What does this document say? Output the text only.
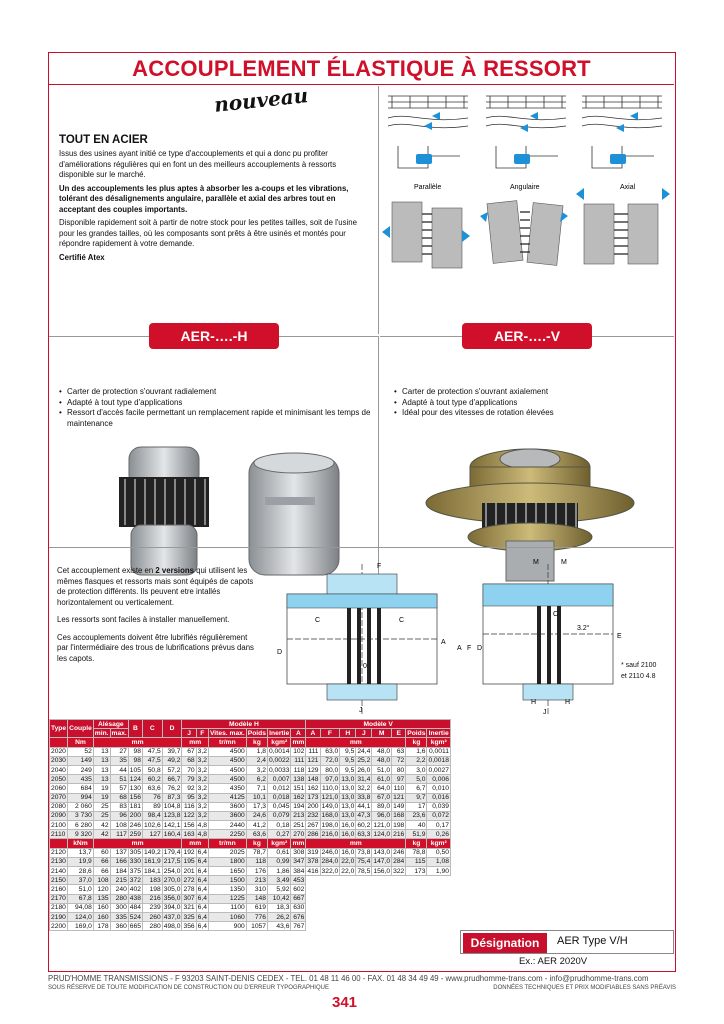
ACCOUPLEMENT ÉLASTIQUE À RESSORT
nouveau
TOUT EN ACIER

Issus des usines ayant initié ce type d'accouplements et qui a donc pu profiter d'améliorations régulières qui en font un des meilleurs accouplements à ressorts disponible sur le marché.

Un des accouplements les plus aptes à absorber les a-coups et les vibrations, tolérant des désalignements angulaire, parallèle et axial des arbres tout en acceptant des couples importants.

Disponible rapidement soit à partir de notre stock pour les petites tailles, soit de l'usine pour les grandes tailles, où les composants sont prêts à être usinés et montés pour répondre rapidement à votre demande.

Certifié Atex

Parallèle	Angulaire	Axial
AER-….-H
• Carter de protection s'ouvrant radialement
• Adapté à tout type d'applications
• Ressort d'accès facile permettant un remplacement rapide et minimisant les temps de maintenance
AER-….-V
• Carter de protection s'ouvrant axialement
• Adapté à tout type d'applications
• Idéal pour des vitesses de rotation élevées

Cet accouplement existe en 2 versions qui utilisent les mêmes flasques et ressorts mais sont équipés de capots de protection différents. Ils peuvent etre intallés horizontalement ou verticalement.

Les ressorts sont faciles à installer manuellement.

Ces accouplements doivent être lubrifiés régulièrement par l'intermédiaire des trous de lubrifications prévus dans les capots.

F
C	C
D
A
J
0
M	M
C
3.2°
A F D
E
J
H	H
* sauf 2100
et 2110 4.8
Type	Couple	Alésage		B	C	D	Modèle H						Modèle V							
		min.	max.				J	F	Vites. max.	Poids	Inertie	A	A	F	H	J	M	E	Poids	Inertie
	Nm	mm					mm		tr/mn	kg	kgm²	mm	mm						kg	kgm²
2020	52	13	27	98	47,5	39,7	67	3,2	4500	1,8	0,0014	102	111	63,0	9,5	24,4	48,0	63	1,6	0,0011
2030	149	13	35	98	47,5	49,2	68	3,2	4500	2,4	0,0022	111	121	72,0	9,5	25,2	48,0	72	2,2	0,0018
2040	249	13	44	105	50,8	57,2	70	3,2	4500	3,2	0,0033	118	129	80,0	9,5	26,0	51,0	80	3,0	0,0027
2050	435	13	51	124	60,2	66,7	79	3,2	4500	6,2	0,007	138	148	97,0	13,0	31,4	61,0	97	5,0	0,006
2060	684	19	57	130	63,6	76,2	92	3,2	4350	7,1	0,012	151	162	110,0	13,0	32,2	64,0	110	6,7	0,010
2070	994	19	68	156	76	87,3	95	3,2	4125	10,1	0,018	162	173	121,0	13,0	33,8	67,0	121	9,7	0,016
2080	2 060	25	83	181	89	104,8	116	3,2	3600	17,3	0,045	194	200	149,0	13,0	44,1	89,0	149	17	0,039
2090	3 730	25	96	200	98,4	123,8	122	3,2	3600	24,6	0,079	213	232	168,0	13,0	47,3	96,0	168	23,6	0,072
2100	6 280	42	108	246	102,6	142,1	156	4,8	2440	41,2	0,18	251	267	198,0	16,0	60,2	121,0	198	40	0,17
2110	9 320	42	117	259	127	160,4	163	4,8	2250	63,6	0,27	270	286	216,0	16,0	63,3	124,0	216	51,9	0,26
	kNm	mm					mm		tr/mn	kg	kgm²	mm	mm						kg	kgm²
2120	13,7	60	137	305	149,2	179,4	192	6,4	2025	78,7	0,61	308	319	246,0	16,0	73,8	143,0	246	78,8	0,50
2130	19,9	66	166	330	161,9	217,5	195	6,4	1800	118	0,99	347	378	284,0	22,0	75,4	147,0	284	115	1,08
2140	28,6	66	184	375	184,1	254,0	201	6,4	1650	176	1,86	384	416	322,0	22,0	78,5	156,0	322	173	1,90
2150	37,0	108	215	372	183	270,0	272	6,4	1500	213	3,49	453								
2160	51,0	120	240	402	198	305,0	278	6,4	1350	310	5,92	602								
2170	67,8	135	280	438	216	356,0	307	6,4	1225	148	10,42	667								
2180	94,08	160	300	484	239	394,0	321	6,4	1100	619	18,3	630								
2190	124,0	160	335	524	260	437,0	325	6,4	1060	776	26,2	676								
2200	169,0	178	360	665	280	498,0	356	6,4	900	1057	43,6	767								
Désignation	AER Type V/H
Ex.: AER 2020V
PRUD'HOMME TRANSMISSIONS - F 93203 SAINT-DENIS CEDEX - TEL. 01 48 11 46 00 - FAX. 01 48 34 49 49 - www.prudhomme-trans.com - info@prudhomme-trans.com
SOUS RÉSERVE DE TOUTE MODIFICATION DE CONSTRUCTION OU D'ERREUR TYPOGRAPHIQUE	DONNÉES TECHNIQUES ET PRIX MODIFIABLES SANS PRÉAVIS
341
